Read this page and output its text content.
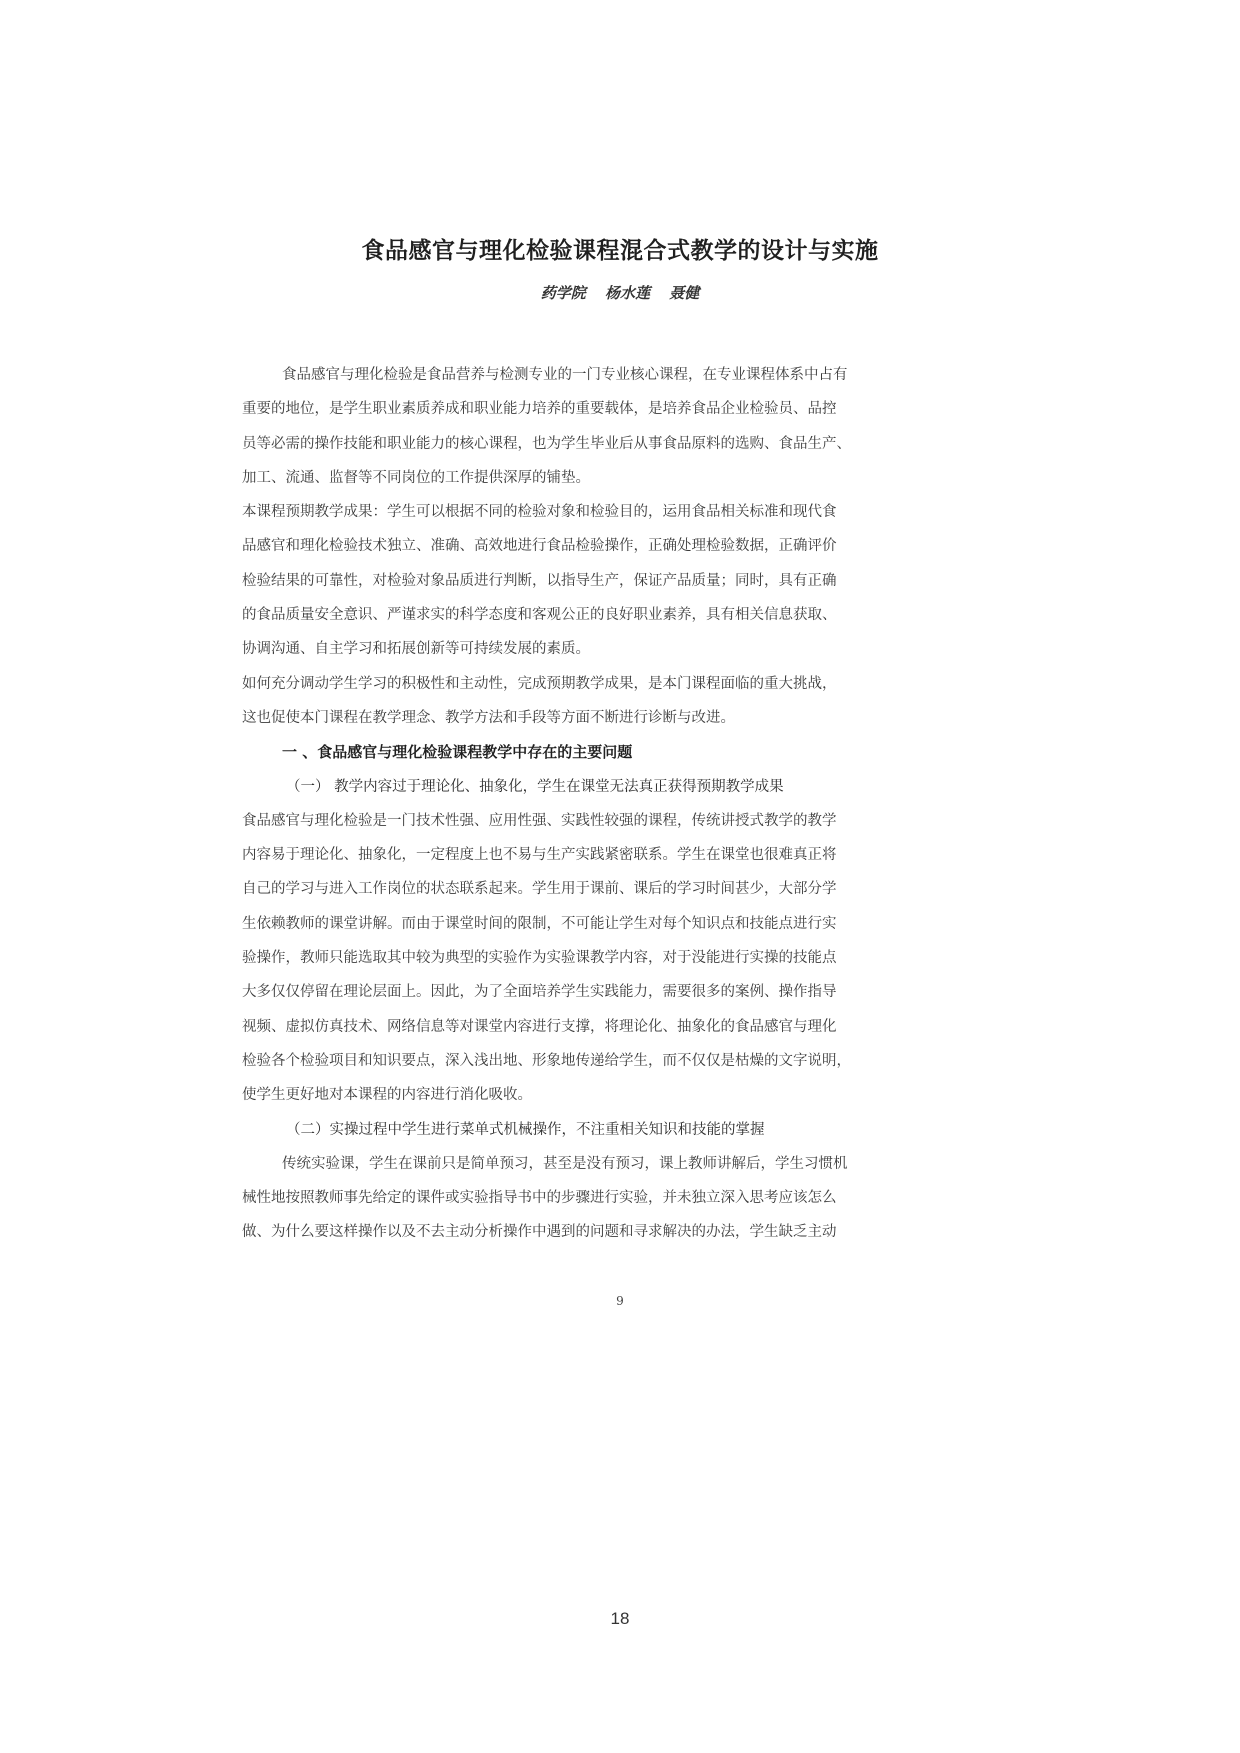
食品感官与理化检验课程混合式教学的设计与实施
药学院 杨水莲 聂健
食品感官与理化检验是食品营养与检测专业的一门专业核心课程，在专业课程体系中占有
重要的地位，是学生职业素质养成和职业能力培养的重要载体，是培养食品企业检验员、品控
员等必需的操作技能和职业能力的核心课程，也为学生毕业后从事食品原料的选购、食品生产、
加工、流通、监督等不同岗位的工作提供深厚的铺垫。
本课程预期教学成果：学生可以根据不同的检验对象和检验目的，运用食品相关标准和现代食
品感官和理化检验技术独立、准确、高效地进行食品检验操作，正确处理检验数据，正确评价
检验结果的可靠性，对检验对象品质进行判断，以指导生产，保证产品质量；同时，具有正确
的食品质量安全意识、严谨求实的科学态度和客观公正的良好职业素养，具有相关信息获取、
协调沟通、自主学习和拓展创新等可持续发展的素质。
如何充分调动学生学习的积极性和主动性，完成预期教学成果，是本门课程面临的重大挑战，
这也促使本门课程在教学理念、教学方法和手段等方面不断进行诊断与改进。
一 、食品感官与理化检验课程教学中存在的主要问题
（一） 教学内容过于理论化、抽象化，学生在课堂无法真正获得预期教学成果
食品感官与理化检验是一门技术性强、应用性强、实践性较强的课程，传统讲授式教学的教学
内容易于理论化、抽象化，一定程度上也不易与生产实践紧密联系。学生在课堂也很难真正将
自己的学习与进入工作岗位的状态联系起来。学生用于课前、课后的学习时间甚少，大部分学
生依赖教师的课堂讲解。而由于课堂时间的限制，不可能让学生对每个知识点和技能点进行实
验操作，教师只能选取其中较为典型的实验作为实验课教学内容，对于没能进行实操的技能点
大多仅仅停留在理论层面上。因此，为了全面培养学生实践能力，需要很多的案例、操作指导
视频、虚拟仿真技术、网络信息等对课堂内容进行支撑，将理论化、抽象化的食品感官与理化
检验各个检验项目和知识要点，深入浅出地、形象地传递给学生，而不仅仅是枯燥的文字说明，
使学生更好地对本课程的内容进行消化吸收。
（二）实操过程中学生进行菜单式机械操作，不注重相关知识和技能的掌握
传统实验课，学生在课前只是简单预习，甚至是没有预习，课上教师讲解后，学生习惯机
械性地按照教师事先给定的课件或实验指导书中的步骤进行实验，并未独立深入思考应该怎么
做、为什么要这样操作以及不去主动分析操作中遇到的问题和寻求解决的办法，学生缺乏主动
9
18
